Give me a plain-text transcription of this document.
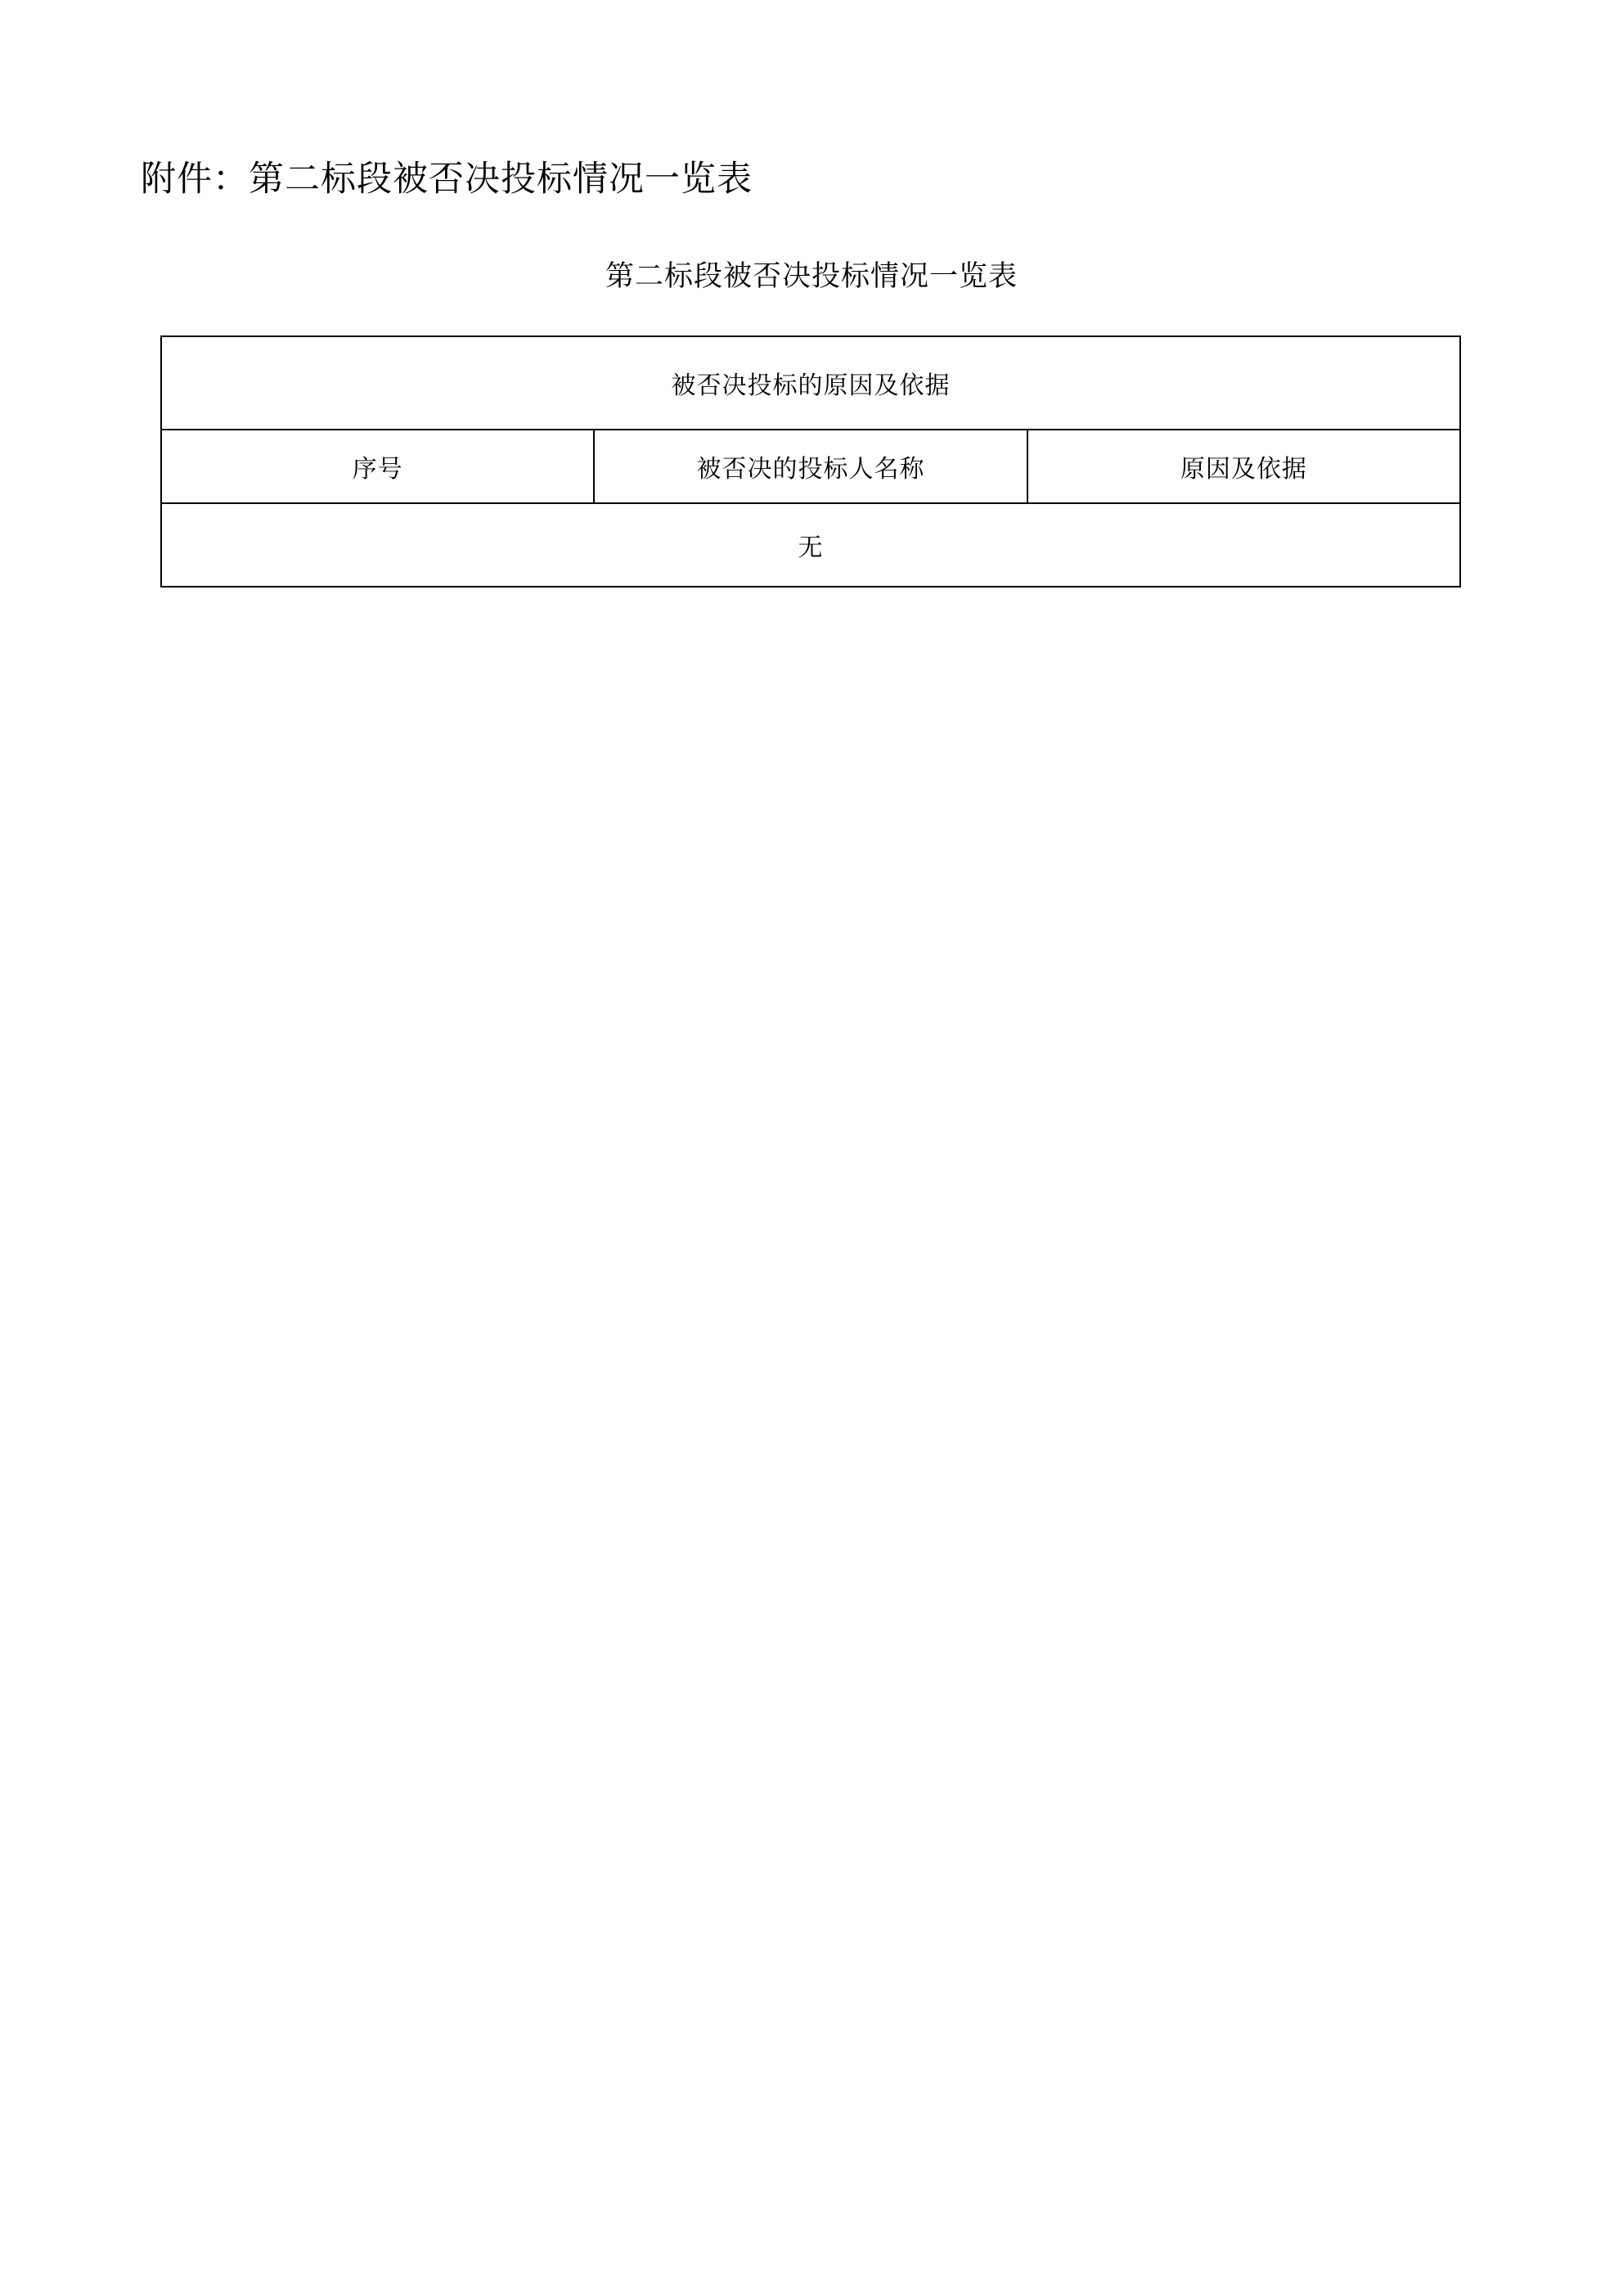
附件：第二标段被否决投标情况一览表
第二标段被否决投标情况一览表
被否决投标的原因及依据
序号	被否决的投标人名称	原因及依据
无
